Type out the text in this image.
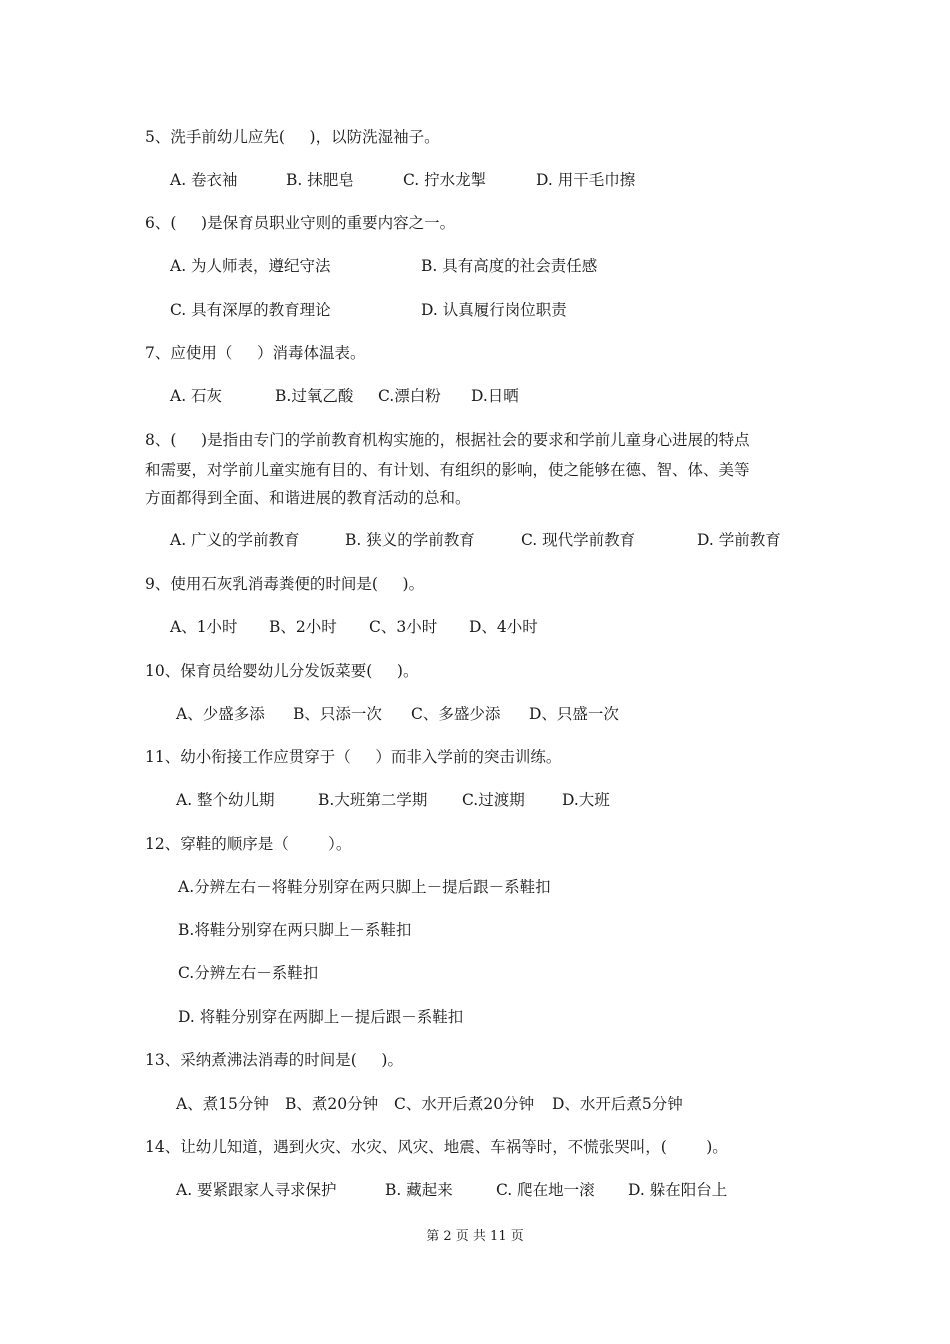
5、洗手前幼儿应先(     )，以防洗湿袖子。
A. 卷衣袖	B. 抹肥皂	C. 拧水龙掣	D. 用干毛巾擦
6、(     )是保育员职业守则的重要内容之一。
A. 为人师表，遵纪守法	B. 具有高度的社会责任感
C. 具有深厚的教育理论	D. 认真履行岗位职责
7、应使用（     ）消毒体温表。
A. 石灰	B.过氧乙酸 C.漂白粉 D.日晒
8、(     )是指由专门的学前教育机构实施的，根据社会的要求和学前儿童身心进展的特点
和需要，对学前儿童实施有目的、有计划、有组织的影响，使之能够在德、智、体、美等
方面都得到全面、和谐进展的教育活动的总和。
A. 广义的学前教育	B. 狭义的学前教育	C. 现代学前教育	D. 学前教育
9、使用石灰乳消毒粪便的时间是(     )。
A、1小时 B、2小时 C、3小时 D、4小时
10、保育员给婴幼儿分发饭菜要(     )。
A、少盛多添 B、只添一次 C、多盛少添 D、只盛一次
11、幼小衔接工作应贯穿于（     ）而非入学前的突击训练。
A. 整个幼儿期	B.大班第二学期 C.过渡期 D.大班
12、穿鞋的顺序是（        ）。
A.分辨左右－将鞋分别穿在两只脚上－提后跟－系鞋扣
B.将鞋分别穿在两只脚上－系鞋扣
C.分辨左右－系鞋扣
D. 将鞋分别穿在两脚上－提后跟－系鞋扣
13、采纳煮沸法消毒的时间是(     )。
A、煮15分钟 B、煮20分钟 C、水开后煮20分钟 D、水开后煮5分钟
14、让幼儿知道，遇到火灾、水灾、风灾、地震、车祸等时，不慌张哭叫，(        )。
A. 要紧跟家人寻求保护	B. 藏起来	C. 爬在地一滚 D. 躲在阳台上
第 2 页 共 11 页
